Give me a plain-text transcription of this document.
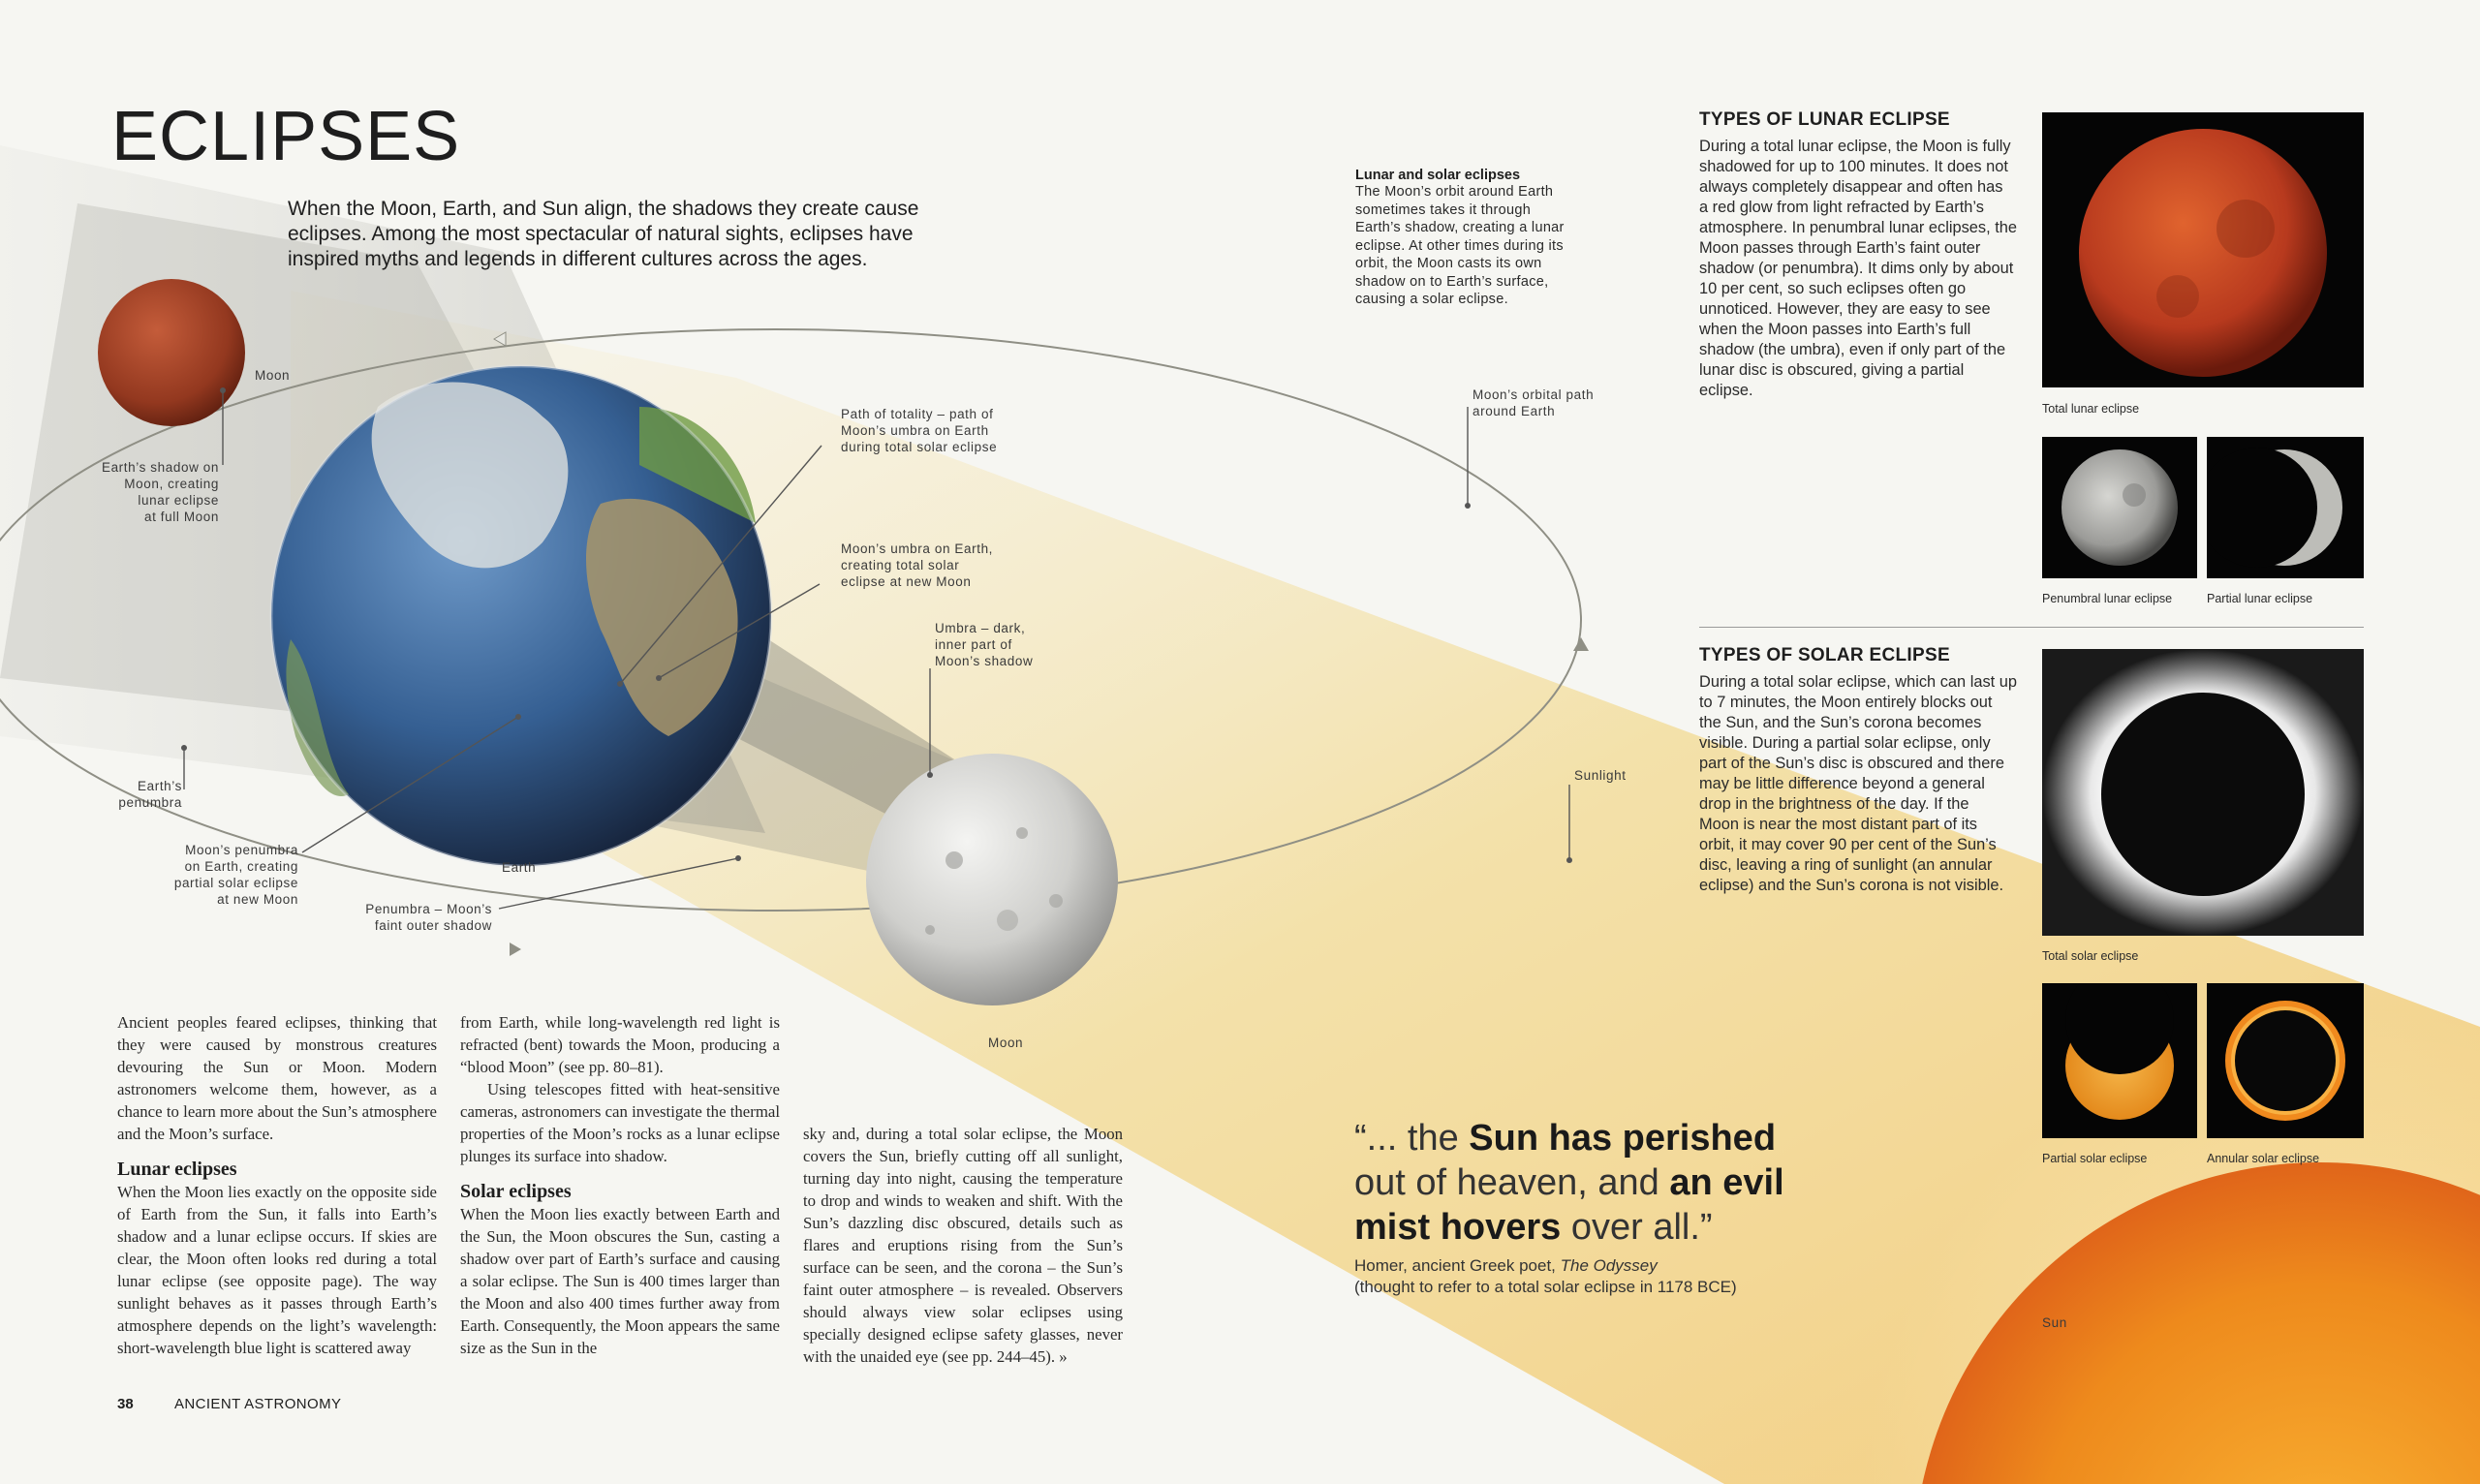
ECLIPSES
When the Moon, Earth, and Sun align, the shadows they create cause eclipses. Among the most spectacular of natural sights, eclipses have inspired myths and legends in different cultures across the ages.
Moon
Earth’s shadow on
Moon, creating
lunar eclipse
at full Moon
Path of totality – path of
Moon’s umbra on Earth
during total solar eclipse
Moon’s umbra on Earth,
creating total solar
eclipse at new Moon
Umbra – dark,
inner part of
Moon’s shadow
Moon’s orbital path
around Earth
Sunlight
Earth’s
penumbra
Moon’s penumbra
on Earth, creating
partial solar eclipse
at new Moon
Penumbra – Moon’s
faint outer shadow
Earth
Moon
Sun
Lunar and solar eclipses
The Moon’s orbit around Earth
sometimes takes it through
Earth’s shadow, creating a lunar
eclipse. At other times during its
orbit, the Moon casts its own
shadow on to Earth’s surface,
causing a solar eclipse.

Ancient peoples feared eclipses, thinking that they were caused by monstrous creatures devouring the Sun or Moon. Modern astronomers welcome them, however, as a chance to learn more about the Sun’s atmosphere and the Moon’s surface.

Lunar eclipses

When the Moon lies exactly on the opposite side of Earth from the Sun, it falls into Earth’s shadow and a lunar eclipse occurs. If skies are clear, the Moon often looks red during a total lunar eclipse (see opposite page). The way sunlight behaves as it passes through Earth’s atmosphere depends on the light’s wavelength: short-wavelength blue light is scattered away

from Earth, while long-wavelength red light is refracted (bent) towards the Moon, producing a “blood Moon” (see pp. 80–81).

Using telescopes fitted with heat-sensitive cameras, astronomers can investigate the thermal properties of the Moon’s rocks as a lunar eclipse plunges its surface into shadow.

Solar eclipses

When the Moon lies exactly between Earth and the Sun, the Moon obscures the Sun, casting a shadow over part of Earth’s surface and causing a solar eclipse. The Sun is 400 times larger than the Moon and also 400 times further away from Earth. Consequently, the Moon appears the same size as the Sun in the

sky and, during a total solar eclipse, the Moon covers the Sun, briefly cutting off all sunlight, turning day into night, causing the temperature to drop and winds to weaken and shift. With the Sun’s dazzling disc obscured, details such as flares and eruptions rising from the Sun’s surface can be seen, and the corona – the Sun’s faint outer atmosphere – is revealed. Observers should always view solar eclipses using specially designed eclipse safety glasses, never with the unaided eye (see pp. 244–45). »

“... the Sun has perished out of heaven, and an evil mist hovers over all.”
Homer, ancient Greek poet, The Odyssey
(thought to refer to a total solar eclipse in 1178 BCE)
TYPES OF LUNAR ECLIPSE
During a total lunar eclipse, the Moon is fully
shadowed for up to 100 minutes. It does not
always completely disappear and often has
a red glow from light refracted by Earth’s
atmosphere. In penumbral lunar eclipses, the
Moon passes through Earth’s faint outer
shadow (or penumbra). It dims only by about
10 per cent, so such eclipses often go
unnoticed. However, they are easy to see
when the Moon passes into Earth’s full
shadow (the umbra), even if only part of the
lunar disc is obscured, giving a partial eclipse.
Total lunar eclipse
Penumbral lunar eclipse	Partial lunar eclipse
TYPES OF SOLAR ECLIPSE
During a total solar eclipse, which can last up
to 7 minutes, the Moon entirely blocks out
the Sun, and the Sun’s corona becomes
visible. During a partial solar eclipse, only
part of the Sun’s disc is obscured and there
may be little difference beyond a general
drop in the brightness of the day. If the
Moon is near the most distant part of its
orbit, it may cover 90 per cent of the Sun’s
disc, leaving a ring of sunlight (an annular
eclipse) and the Sun’s corona is not visible.
Total solar eclipse
Partial solar eclipse	Annular solar eclipse
38	ANCIENT ASTRONOMY
